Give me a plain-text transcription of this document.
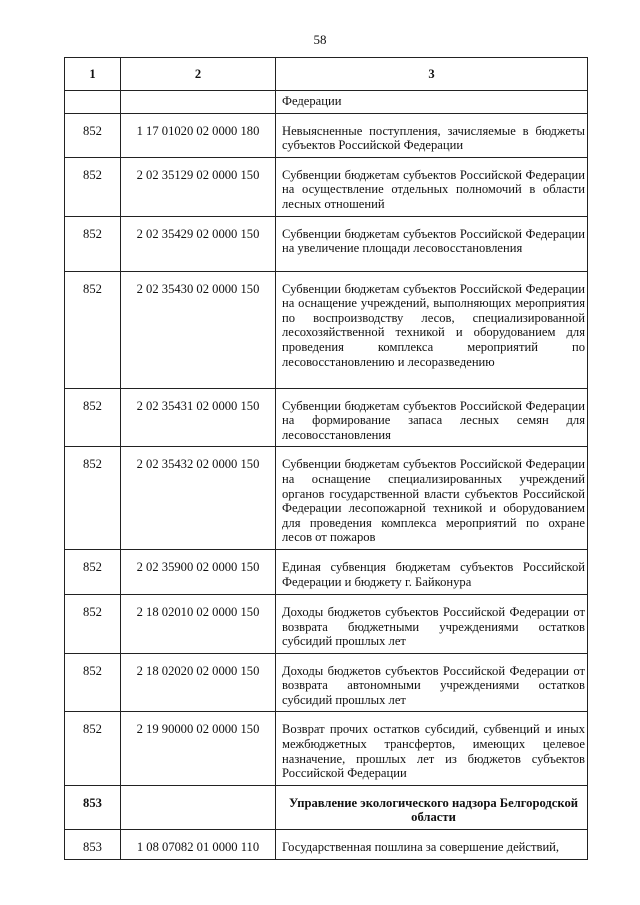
58
1	2	3
		Федерации
852	1 17 01020 02 0000 180	Невыясненные поступления, зачисляемые в бюджеты субъектов Российской Федерации
852	2 02 35129 02 0000 150	Субвенции бюджетам субъектов Российской Федерации на осуществление отдельных полномочий в области лесных отношений
852	2 02 35429 02 0000 150	Субвенции бюджетам субъектов Российской Федерации на увеличение площади лесовосстановления
852	2 02 35430 02 0000 150	Субвенции бюджетам субъектов Российской Федерации на оснащение учреждений, выполняющих мероприятия по воспроизводству лесов, специализированной лесохозяйственной техникой и оборудованием для проведения комплекса мероприятий по лесовосстановлению и лесоразведению
852	2 02 35431 02 0000 150	Субвенции бюджетам субъектов Российской Федерации на формирование запаса лесных семян для лесовосстановления
852	2 02 35432 02 0000 150	Субвенции бюджетам субъектов Российской Федерации на оснащение специализированных учреждений органов государственной власти субъектов Российской Федерации лесопожарной техникой и оборудованием для проведения комплекса мероприятий по охране лесов от пожаров
852	2 02 35900 02 0000 150	Единая субвенция бюджетам субъектов Российской Федерации и бюджету г. Байконура
852	2 18 02010 02 0000 150	Доходы бюджетов субъектов Российской Федерации от возврата бюджетными учреждениями остатков субсидий прошлых лет
852	2 18 02020 02 0000 150	Доходы бюджетов субъектов Российской Федерации от возврата автономными учреждениями остатков субсидий прошлых лет
852	2 19 90000 02 0000 150	Возврат прочих остатков субсидий, субвенций и иных межбюджетных трансфертов, имеющих целевое назначение, прошлых лет из бюджетов субъектов Российской Федерации
853		Управление экологического надзора Белгородской области
853	1 08 07082 01 0000 110	Государственная пошлина за совершение действий,
